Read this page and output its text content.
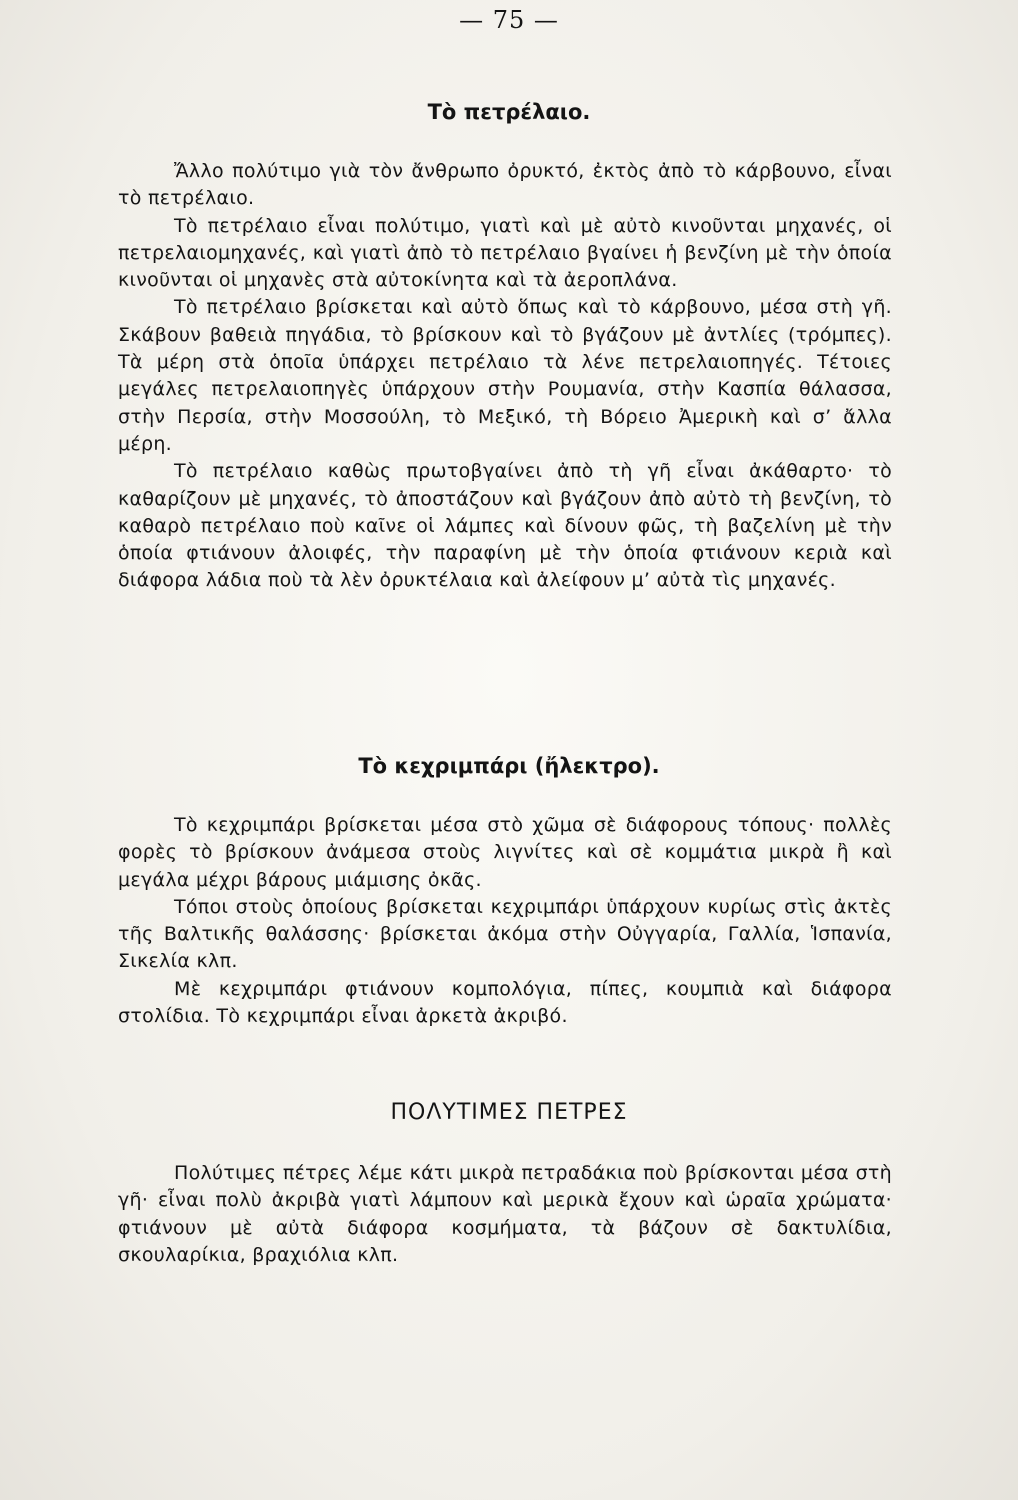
— 75 —
Τὸ πετρέλαιο.

Ἄλλο πολύτιμο γιὰ τὸν ἄνθρωπο ὀρυκτό, ἐκτὸς ἀπὸ τὸ κάρβουνο, εἶναι τὸ πετρέλαιο.

Τὸ πετρέλαιο εἶναι πολύτιμο, γιατὶ καὶ μὲ αὐτὸ κινοῦνται μηχανές, οἱ πετρελαιομηχανές, καὶ γιατὶ ἀπὸ τὸ πετρέλαιο βγαίνει ἡ βενζίνη μὲ τὴν ὁποία κινοῦνται οἱ μηχανὲς στὰ αὐτοκίνητα καὶ τὰ ἀεροπλάνα.

Τὸ πετρέλαιο βρίσκεται καὶ αὐτὸ ὅπως καὶ τὸ κάρβουνο, μέσα στὴ γῆ. Σκάβουν βαθειὰ πηγάδια, τὸ βρίσκουν καὶ τὸ βγάζουν μὲ ἀντλίες (τρόμπες). Τὰ μέρη στὰ ὁποῖα ὑπάρχει πετρέλαιο τὰ λένε πετρελαιοπηγές. Τέτοιες μεγάλες πετρελαιοπηγὲς ὑπάρχουν στὴν Ρουμανία, στὴν Κασπία θάλασσα, στὴν Περσία, στὴν Μοσσούλη, τὸ Μεξικό, τὴ Βόρειο Ἀμερικὴ καὶ σ’ ἄλλα μέρη.

Τὸ πετρέλαιο καθὼς πρωτοβγαίνει ἀπὸ τὴ γῆ εἶναι ἀκάθαρτο· τὸ καθαρίζουν μὲ μηχανές, τὸ ἀποστάζουν καὶ βγάζουν ἀπὸ αὐτὸ τὴ βενζίνη, τὸ καθαρὸ πετρέλαιο ποὺ καῖνε οἱ λάμπες καὶ δίνουν φῶς, τὴ βαζελίνη μὲ τὴν ὁποία φτιάνουν ἀλοιφές, τὴν παραφίνη μὲ τὴν ὁποία φτιάνουν κεριὰ καὶ διάφορα λάδια ποὺ τὰ λὲν ὀρυκτέλαια καὶ ἀλείφουν μ’ αὐτὰ τὶς μηχανές.

Τὸ κεχριμπάρι (ἤλεκτρο).

Τὸ κεχριμπάρι βρίσκεται μέσα στὸ χῶμα σὲ διάφορους τόπους· πολλὲς φορὲς τὸ βρίσκουν ἀνάμεσα στοὺς λιγνίτες καὶ σὲ κομμάτια μικρὰ ἢ καὶ μεγάλα μέχρι βάρους μιάμισης ὀκᾶς.

Τόποι στοὺς ὁποίους βρίσκεται κεχριμπάρι ὑπάρχουν κυρίως στὶς ἀκτὲς τῆς Βαλτικῆς θαλάσσης· βρίσκεται ἀκόμα στὴν Οὐγγαρία, Γαλλία, Ἱσπανία, Σικελία κλπ.

Μὲ κεχριμπάρι φτιάνουν κομπολόγια, πίπες, κουμπιὰ καὶ διάφορα στολίδια. Τὸ κεχριμπάρι εἶναι ἀρκετὰ ἀκριβό.

ΠΟΛΥΤΙΜΕΣ ΠΕΤΡΕΣ

Πολύτιμες πέτρες λέμε κάτι μικρὰ πετραδάκια ποὺ βρίσκονται μέσα στὴ γῆ· εἶναι πολὺ ἀκριβὰ γιατὶ λάμπουν καὶ μερικὰ ἔχουν καὶ ὡραῖα χρώματα· φτιάνουν μὲ αὐτὰ διάφορα κοσμήματα, τὰ βάζουν σὲ δακτυλίδια, σκουλαρίκια, βραχιόλια κλπ.
